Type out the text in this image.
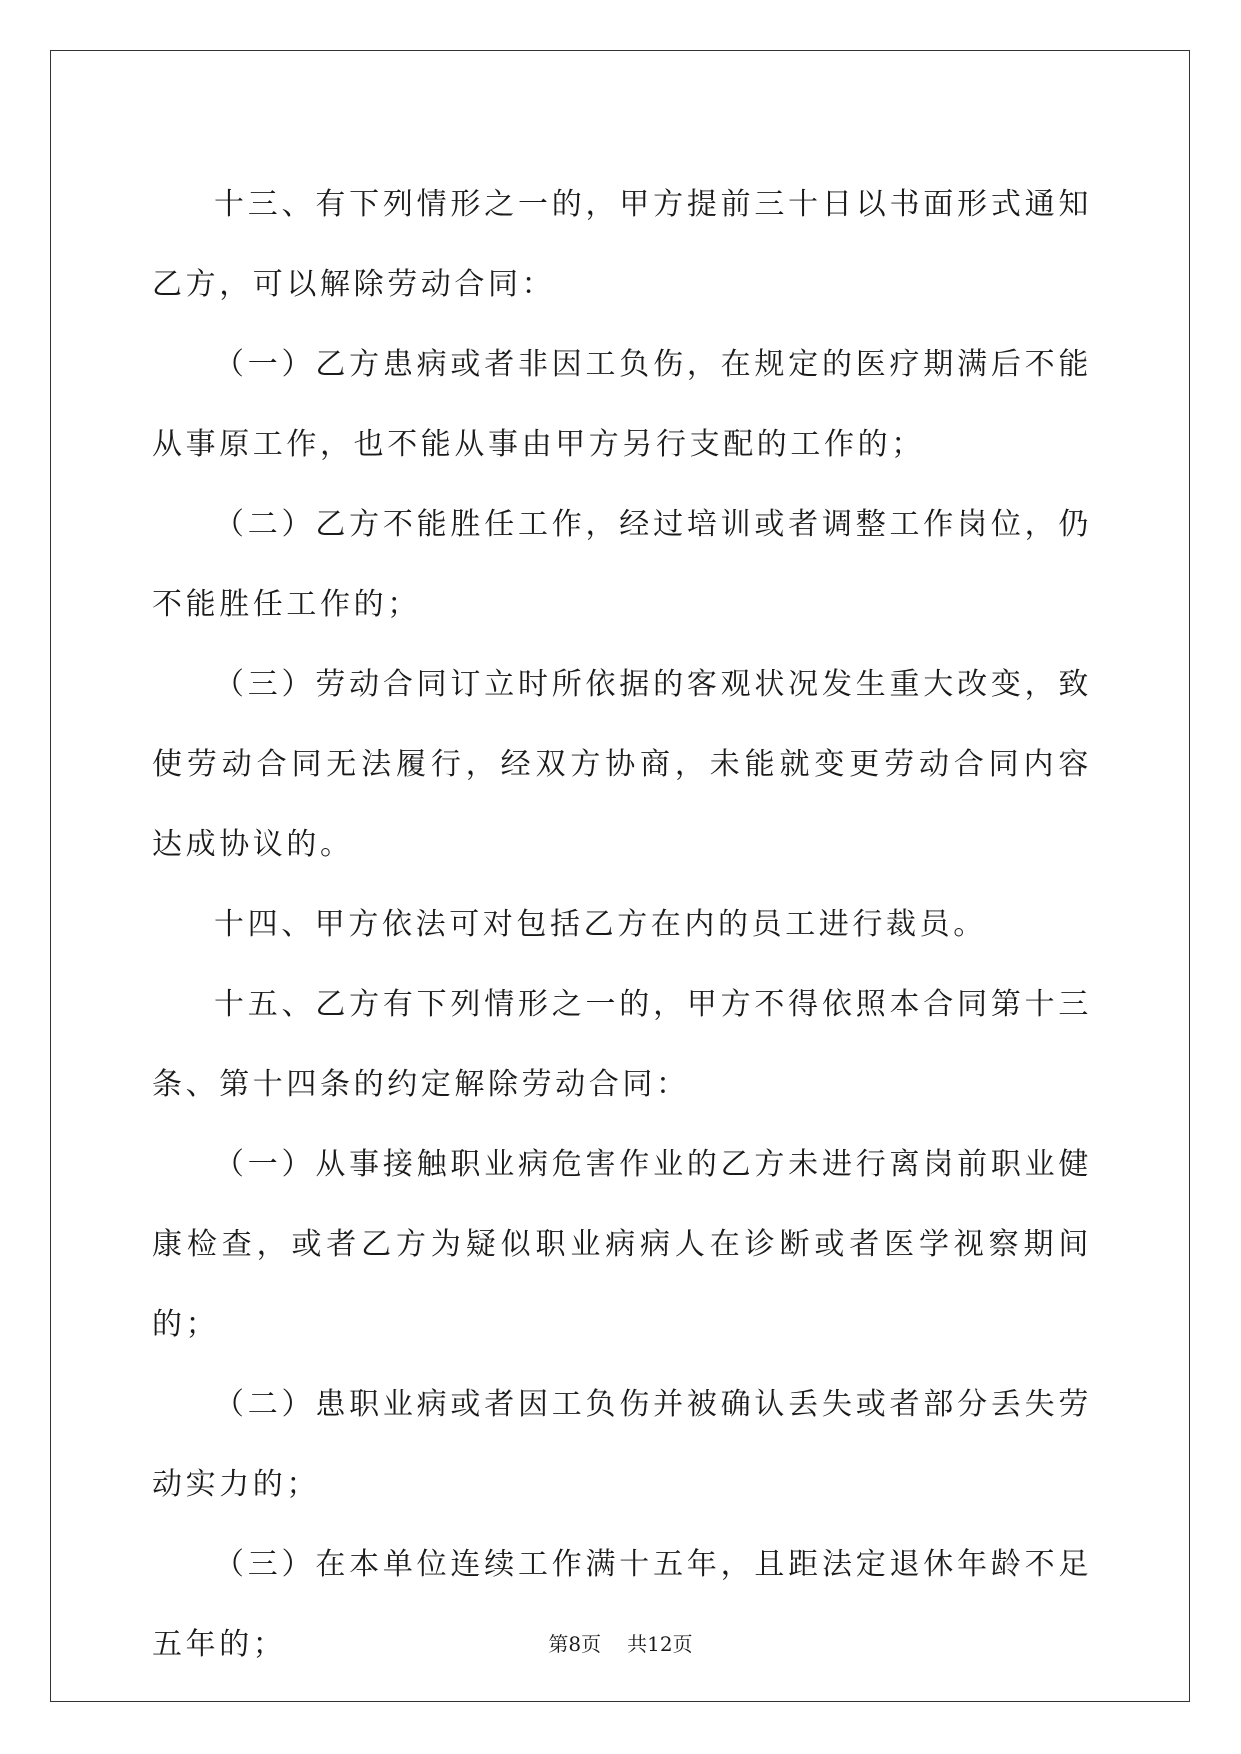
十三、有下列情形之一的，甲方提前三十日以书面形式通知乙方，可以解除劳动合同：

（一）乙方患病或者非因工负伤，在规定的医疗期满后不能从事原工作，也不能从事由甲方另行支配的工作的；

（二）乙方不能胜任工作，经过培训或者调整工作岗位，仍不能胜任工作的；

（三）劳动合同订立时所依据的客观状况发生重大改变，致使劳动合同无法履行，经双方协商，未能就变更劳动合同内容达成协议的。

十四、甲方依法可对包括乙方在内的员工进行裁员。

十五、乙方有下列情形之一的，甲方不得依照本合同第十三条、第十四条的约定解除劳动合同：

（一）从事接触职业病危害作业的乙方未进行离岗前职业健康检查，或者乙方为疑似职业病病人在诊断或者医学视察期间的；

（二）患职业病或者因工负伤并被确认丢失或者部分丢失劳动实力的；

（三）在本单位连续工作满十五年，且距法定退休年龄不足五年的；	第8页 共12页
